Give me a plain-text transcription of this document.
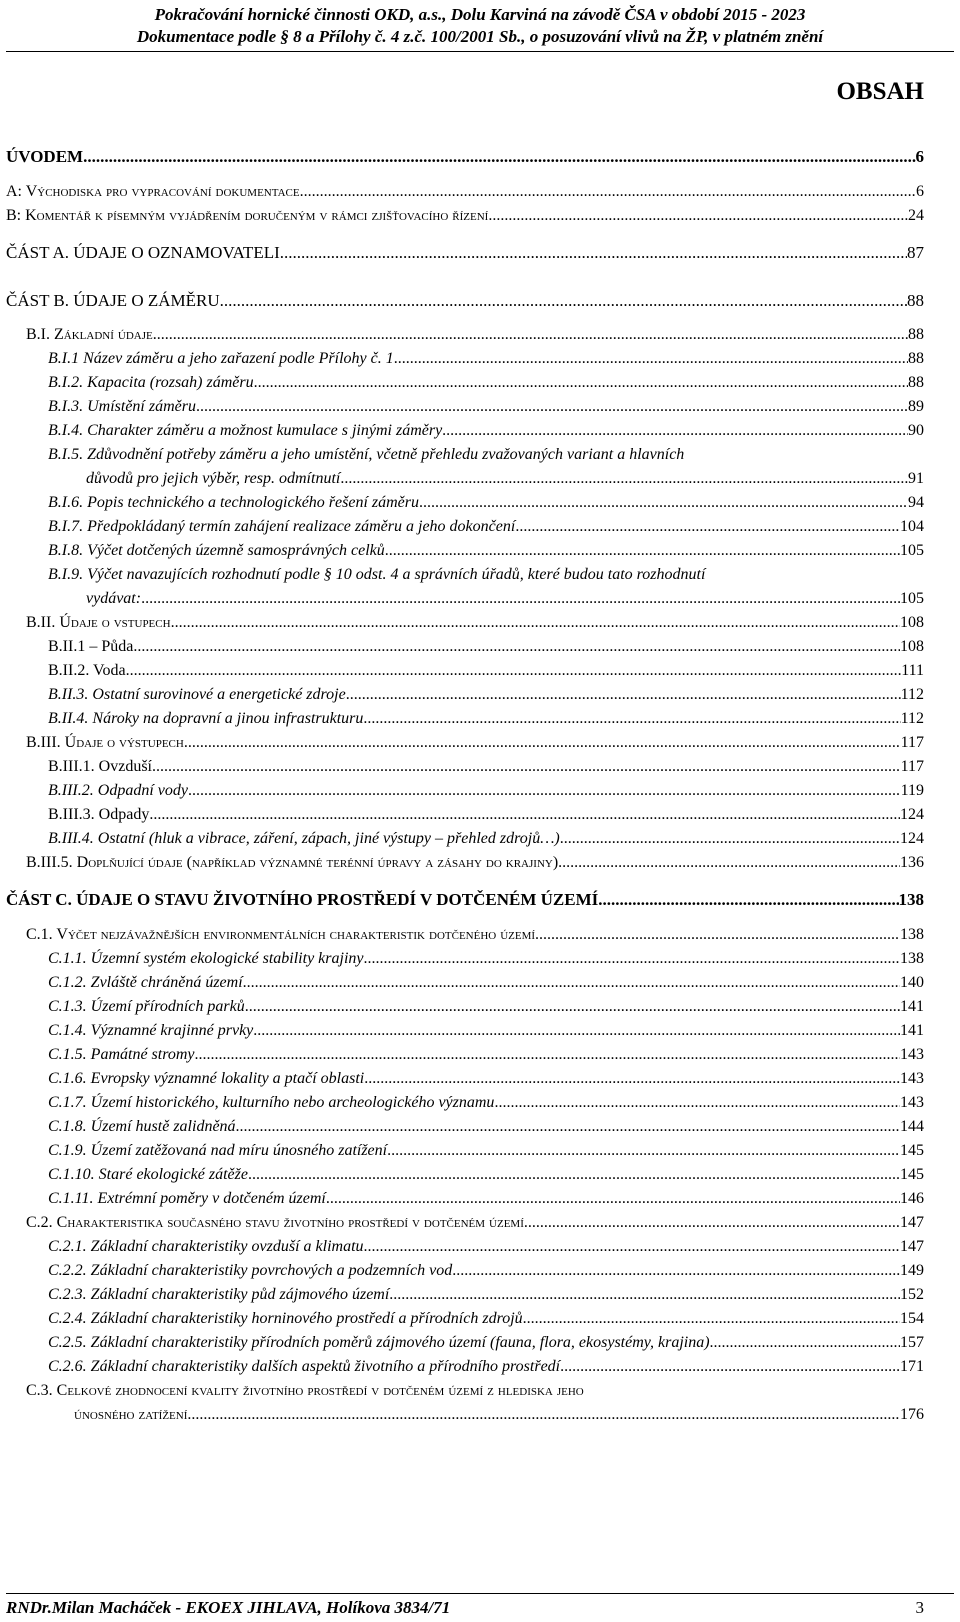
Pokračování hornické činnosti OKD, a.s., Dolu Karviná na závodě ČSA v období 2015 - 2023
Dokumentace podle § 8 a Přílohy č. 4 z.č. 100/2001 Sb., o posuzování vlivů na ŽP, v platném znění
OBSAH
ÚVODEM .....	6
A: Východiska pro vypracování dokumentace .....	6
B: Komentář k písemným vyjádřením doručeným v rámci zjišťovacího řízení .....	24
ČÁST A. ÚDAJE O OZNAMOVATELI .....	87
ČÁST B. ÚDAJE O ZÁMĚRU .....	88
B.I. Základní údaje .....	88
B.I.1 Název záměru a jeho zařazení podle Přílohy č. 1 .....	88
B.I.2. Kapacita (rozsah) záměru .....	88
B.I.3. Umístění záměru .....	89
B.I.4. Charakter záměru a možnost kumulace s jinými záměry .....	90
B.I.5. Zdůvodnění potřeby záměru a jeho umístění, včetně přehledu zvažovaných variant a hlavních
důvodů pro jejich výběr, resp. odmítnutí .....	91
B.I.6. Popis technického a technologického řešení záměru .....	94
B.I.7. Předpokládaný termín zahájení realizace záměru a jeho dokončení .....	104
B.I.8. Výčet dotčených územně samosprávných celků .....	105
B.I.9. Výčet navazujících rozhodnutí podle § 10 odst. 4 a správních úřadů, které budou tato rozhodnutí
vydávat: .....	105
B.II. Údaje o vstupech .....	108
B.II.1 – Půda .....	108
B.II.2. Voda .....	111
B.II.3. Ostatní surovinové a energetické zdroje .....	112
B.II.4. Nároky na dopravní a jinou infrastrukturu .....	112
B.III. Údaje o výstupech .....	117
B.III.1. Ovzduší .....	117
B.III.2. Odpadní vody .....	119
B.III.3. Odpady .....	124
B.III.4. Ostatní (hluk a vibrace, záření, zápach, jiné výstupy – přehled zdrojů…) .....	124
B.III.5. Doplňující údaje (například významné terénní úpravy a zásahy do krajiny) .....	136
ČÁST C. ÚDAJE O STAVU ŽIVOTNÍHO PROSTŘEDÍ V DOTČENÉM ÚZEMÍ .....	138
C.1. Výčet nejzávažnějších environmentálních charakteristik dotčeného území .....	138
C.1.1. Územní systém ekologické stability krajiny .....	138
C.1.2. Zvláště chráněná území .....	140
C.1.3. Území přírodních parků .....	141
C.1.4. Významné krajinné prvky .....	141
C.1.5. Památné stromy .....	143
C.1.6. Evropsky významné lokality a ptačí oblasti .....	143
C.1.7. Území historického, kulturního nebo archeologického významu .....	143
C.1.8. Území hustě zalidněná .....	144
C.1.9. Území zatěžovaná nad míru únosného zatížení .....	145
C.1.10. Staré ekologické zátěže .....	145
C.1.11. Extrémní poměry v dotčeném území .....	146
C.2. Charakteristika současného stavu životního prostředí v dotčeném území .....	147
C.2.1. Základní charakteristiky ovzduší a klimatu .....	147
C.2.2. Základní charakteristiky povrchových a podzemních vod .....	149
C.2.3. Základní charakteristiky půd zájmového území .....	152
C.2.4. Základní charakteristiky horninového prostředí a přírodních zdrojů .....	154
C.2.5. Základní charakteristiky přírodních poměrů zájmového území (fauna, flora, ekosystémy, krajina) .....	157
C.2.6. Základní charakteristiky dalších aspektů životního a přírodního prostředí .....	171
C.3. Celkové zhodnocení kvality životního prostředí v dotčeném území z hlediska jeho
únosného zatížení .....	176
RNDr.Milan Macháček - EKOEX JIHLAVA, Holíkova 3834/71	3
